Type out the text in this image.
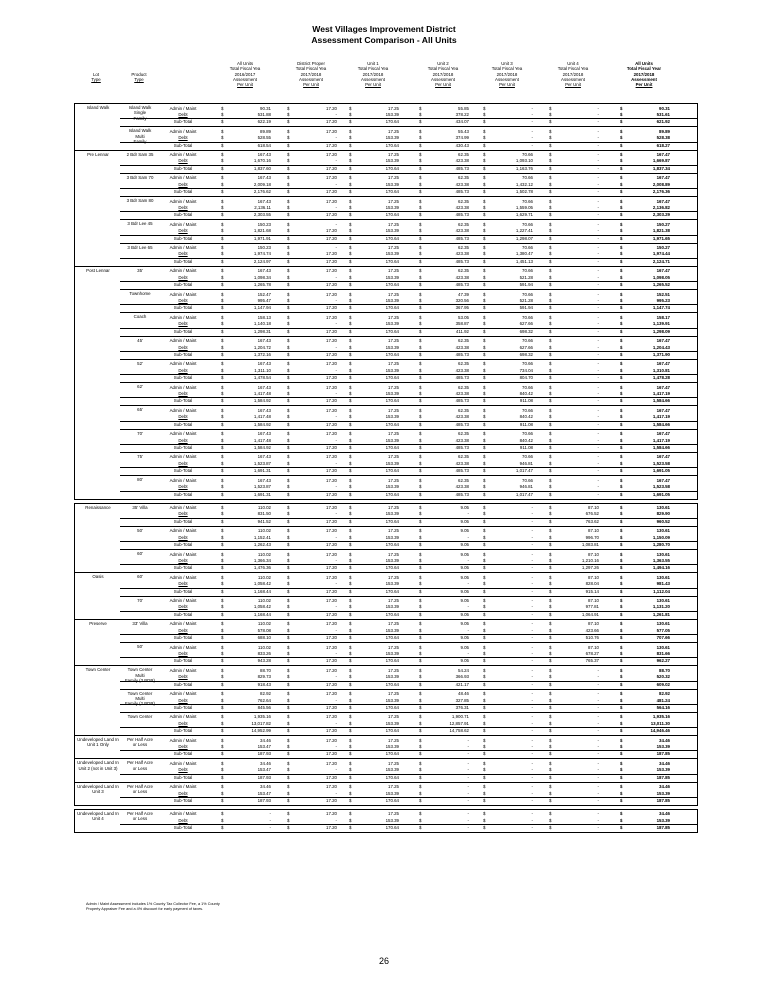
West Villages Improvement District
Assessment Comparison - All Units
Lot
Type
Product
Type
All Units
Total Fiscal Yea
2016/2017
Assessment
Per Unit
District Proper
Total Fiscal Yea
2017/2018
Assessment
Per Unit
Unit 1
Total Fiscal Yea
2017/2018
Assessment
Per Unit
Unit 2
Total Fiscal Yea
2017/2018
Assessment
Per Unit
Unit 3
Total Fiscal Yea
2017/2018
Assessment
Per Unit
Unit 4
Total Fiscal Yea
2017/2018
Assessment
Per Unit
All Units
Total Fiscal Year
2017/2018
Assessment
Per Unit
Island Walk	Island Walk
Single
Family
Admin / Maint	$	90.31	$	17.20	$	17.25	$	55.85	$	-	$	-	$	90.31
Debt	$	531.88	$	-	$	153.39	$	378.22	$	-	$	-	$	531.61
Sub-Total	$	622.19	$	17.20	$	170.64	$	434.07	$	-	$	-	$	621.92
Island Walk
Multi
Family
Admin / Maint	$	89.89	$	17.20	$	17.25	$	55.43	$	-	$	-	$	89.89
Debt	$	528.55	$	-	$	153.39	$	374.99	$	-	$	-	$	528.38
Sub-Total	$	618.54	$	17.20	$	170.64	$	430.43	$	-	$	-	$	618.27
Pre Lennar	2 Bdr Sam 35	Admin / Maint	$	167.43	$	17.20	$	17.25	$	62.35	$	70.66	$	-	$	167.47
Debt	$	1,670.16	$	-	$	153.39	$	423.38	$	1,093.10	$	-	$	1,669.87
Sub-Total	$	1,837.60	$	17.20	$	170.64	$	485.73	$	1,163.76	$	-	$	1,837.34
3 Bdr Sam 70	Admin / Maint	$	167.43	$	17.20	$	17.25	$	62.35	$	70.66	$	-	$	167.47
Debt	$	2,009.18	$	-	$	153.39	$	423.38	$	1,432.12	$	-	$	2,008.89
Sub-Total	$	2,176.62	$	17.20	$	170.64	$	485.73	$	1,502.78	$	-	$	2,176.36
3 Bdr Sam 80	Admin / Maint	$	167.43	$	17.20	$	17.25	$	62.35	$	70.66	$	-	$	167.47
Debt	$	2,136.11	$	-	$	153.39	$	423.38	$	1,559.05	$	-	$	2,136.82
Sub-Total	$	2,303.55	$	17.20	$	170.64	$	485.73	$	1,629.71	$	-	$	2,303.29
3 Bdr Lee 45	Admin / Maint	$	150.23	$	-	$	17.25	$	62.35	$	70.66	$	-	$	150.27
Debt	$	1,821.68	$	17.20	$	153.39	$	423.38	$	1,227.41	$	-	$	1,821.38
Sub-Total	$	1,971.91	$	17.20	$	170.64	$	485.73	$	1,298.07	$	-	$	1,971.65
3 Bdr Lee 65	Admin / Maint	$	150.23	$	-	$	17.25	$	62.35	$	70.66	$	-	$	150.27
Debt	$	1,974.74	$	17.20	$	153.39	$	423.38	$	1,380.47	$	-	$	1,974.44
Sub-Total	$	2,124.97	$	17.20	$	170.64	$	485.73	$	1,451.13	$	-	$	2,124.71
Post Lennar	35'	Admin / Maint	$	167.43	$	17.20	$	17.25	$	62.35	$	70.66	$	-	$	167.47
Debt	$	1,098.34	$	-	$	153.39	$	423.38	$	521.28	$	-	$	1,098.05
Sub-Total	$	1,265.78	$	17.20	$	170.64	$	485.73	$	591.94	$	-	$	1,265.52
Townhome	Admin / Maint	$	152.47	$	17.20	$	17.25	$	47.39	$	70.66	$	-	$	152.51
Debt	$	995.47	$	-	$	153.39	$	320.56	$	521.28	$	-	$	995.23
Sub-Total	$	1,147.94	$	17.20	$	170.64	$	367.95	$	591.94	$	-	$	1,147.74
Coach	Admin / Maint	$	158.13	$	17.20	$	17.25	$	53.05	$	70.66	$	-	$	158.17
Debt	$	1,140.18	$	-	$	153.39	$	358.87	$	627.66	$	-	$	1,139.91
Sub-Total	$	1,298.31	$	17.20	$	170.64	$	411.92	$	698.32	$	-	$	1,298.09
45'	Admin / Maint	$	167.43	$	17.20	$	17.25	$	62.35	$	70.66	$	-	$	167.47
Debt	$	1,204.72	$	-	$	153.39	$	423.38	$	627.66	$	-	$	1,204.43
Sub-Total	$	1,372.16	$	17.20	$	170.64	$	485.73	$	698.32	$	-	$	1,371.90
52'	Admin / Maint	$	167.43	$	17.20	$	17.25	$	62.35	$	70.66	$	-	$	167.47
Debt	$	1,311.10	$	-	$	153.39	$	423.38	$	734.04	$	-	$	1,310.81
Sub-Total	$	1,478.54	$	17.20	$	170.64	$	485.73	$	804.70	$	-	$	1,478.28
62'	Admin / Maint	$	167.43	$	17.20	$	17.25	$	62.35	$	70.66	$	-	$	167.47
Debt	$	1,417.48	$	-	$	153.39	$	423.38	$	840.42	$	-	$	1,417.19
Sub-Total	$	1,584.92	$	17.20	$	170.64	$	485.73	$	911.08	$	-	$	1,584.66
65'	Admin / Maint	$	167.43	$	17.20	$	17.25	$	62.35	$	70.66	$	-	$	167.47
Debt	$	1,417.48	$	-	$	153.39	$	423.38	$	840.42	$	-	$	1,417.19
Sub-Total	$	1,584.92	$	17.20	$	170.64	$	485.73	$	911.08	$	-	$	1,584.66
70'	Admin / Maint	$	167.43	$	17.20	$	17.25	$	62.35	$	70.66	$	-	$	167.47
Debt	$	1,417.48	$	-	$	153.39	$	423.38	$	840.42	$	-	$	1,417.19
Sub-Total	$	1,584.92	$	17.20	$	170.64	$	485.73	$	911.08	$	-	$	1,584.66
75'	Admin / Maint	$	167.43	$	17.20	$	17.25	$	62.35	$	70.66	$	-	$	167.47
Debt	$	1,523.87	$	-	$	153.39	$	423.38	$	946.81	$	-	$	1,523.58
Sub-Total	$	1,691.31	$	17.20	$	170.64	$	485.73	$	1,017.47	$	-	$	1,691.05
80'	Admin / Maint	$	167.43	$	17.20	$	17.25	$	62.35	$	70.66	$	-	$	167.47
Debt	$	1,523.87	$	-	$	153.39	$	423.38	$	946.81	$	-	$	1,523.58
Sub-Total	$	1,691.31	$	17.20	$	170.64	$	485.73	$	1,017.47	$	-	$	1,691.05
Renaissance	35' Villa	Admin / Maint	$	110.02	$	17.20	$	17.25	$	9.05	$	-	$	87.10	$	130.61
Debt	$	831.50	$	-	$	153.39	$	-	$	-	$	676.52	$	829.90
Sub-Total	$	941.52	$	17.20	$	170.64	$	9.05	$	-	$	763.62	$	960.52
50'	Admin / Maint	$	110.02	$	17.20	$	17.25	$	9.05	$	-	$	87.10	$	130.61
Debt	$	1,152.41	$	-	$	153.39	$	-	$	-	$	996.70	$	1,150.09
Sub-Total	$	1,262.43	$	17.20	$	170.64	$	9.05	$	-	$	1,083.81	$	1,280.70
60'	Admin / Maint	$	110.02	$	17.20	$	17.25	$	9.05	$	-	$	87.10	$	130.61
Debt	$	1,366.34	$	-	$	153.39	$	-	$	-	$	1,210.16	$	1,363.55
Sub-Total	$	1,476.36	$	17.20	$	170.64	$	9.05	$	-	$	1,297.26	$	1,494.16
Oasis	60'	Admin / Maint	$	110.02	$	17.20	$	17.25	$	9.05	$	-	$	87.10	$	130.61
Debt	$	1,058.42	$	-	$	153.39	$	-	$	-	$	828.04	$	981.43
Sub-Total	$	1,168.44	$	17.20	$	170.64	$	9.05	$	-	$	915.14	$	1,112.04
70'	Admin / Maint	$	110.02	$	17.20	$	17.25	$	9.05	$	-	$	87.10	$	130.61
Debt	$	1,058.42	$	-	$	153.39	$	-	$	-	$	977.81	$	1,131.20
Sub-Total	$	1,168.44	$	17.20	$	170.64	$	9.05	$	-	$	1,064.91	$	1,261.81
Preserve	33' Villa	Admin / Maint	$	110.02	$	17.20	$	17.25	$	9.05	$	-	$	87.10	$	130.61
Debt	$	578.08	$	-	$	153.39	$	-	$	-	$	423.66	$	577.05
Sub-Total	$	688.10	$	17.20	$	170.64	$	9.05	$	-	$	510.76	$	707.66
50'	Admin / Maint	$	110.02	$	17.20	$	17.25	$	9.05	$	-	$	87.10	$	130.61
Debt	$	833.26	$	-	$	153.39	$	-	$	-	$	678.27	$	831.66
Sub-Total	$	943.28	$	17.20	$	170.64	$	9.05	$	-	$	765.37	$	962.27
Town Center	Town Center
Multi
Family (3 BDR)
Admin / Maint	$	88.70	$	17.20	$	17.25	$	54.24	$	-	$	-	$	88.70
Debt	$	829.73	$	-	$	153.39	$	366.93	$	-	$	-	$	520.32
Sub-Total	$	918.43	$	17.20	$	170.64	$	421.17	$	-	$	-	$	609.02
Town Center
Multi
Family (2 BDR)
Admin / Maint	$	82.92	$	17.20	$	17.25	$	48.46	$	-	$	-	$	82.92
Debt	$	762.64	$	-	$	153.39	$	327.85	$	-	$	-	$	481.24
Sub-Total	$	845.56	$	17.20	$	170.64	$	376.31	$	-	$	-	$	564.16
Town Center	Admin / Maint	$	1,935.16	$	17.20	$	17.25	$	1,900.71	$	-	$	-	$	1,935.16
Debt	$	13,017.82	$	-	$	153.39	$	12,857.91	$	-	$	-	$	13,011.30
Sub-Total	$	14,952.99	$	17.20	$	170.64	$	14,758.62	$	-	$	-	$	14,946.46
Undeveloped Land In Unit 1 Only
Per Half Acre
or Less
Admin / Maint	$	34.46	$	17.20	$	17.25	$	-	$	-	$	-	$	34.46
Debt	$	153.47	$	-	$	153.39	$	-	$	-	$	-	$	153.39
Sub-Total	$	187.93	$	17.20	$	170.64	$	-	$	-	$	-	$	187.85
Undeveloped Land In Unit 2 (not in Unit 3)
Per Half Acre
or Less
Admin / Maint	$	34.46	$	17.20	$	17.25	$	-	$	-	$	-	$	34.46
Debt	$	153.47	$	-	$	153.39	$	-	$	-	$	-	$	153.39
Sub-Total	$	187.93	$	17.20	$	170.64	$	-	$	-	$	-	$	187.85
Undeveloped Land In Unit 3
Per Half Acre
or Less
Admin / Maint	$	34.46	$	17.20	$	17.25	$	-	$	-	$	-	$	34.46
Debt	$	153.47	$	-	$	153.39	$	-	$	-	$	-	$	153.39
Sub-Total	$	187.93	$	17.20	$	170.64	$	-	$	-	$	-	$	187.85
Undeveloped Land In Unit 4
Per Half Acre
or Less
Admin / Maint	$	-	$	17.20	$	17.25	$	-	$	-	$	-	$	34.46
Debt	$	-	$	-	$	153.39	$	-	$	-	$	-	$	153.39
Sub-Total	$	-	$	17.20	$	170.64	$	-	$	-	$	-	$	187.85
Admin / Maint Assessment includes 1% County Tax Collector Fee, a 1% County
Property Appraiser Fee and a 4% discount for early payment of taxes.
26
